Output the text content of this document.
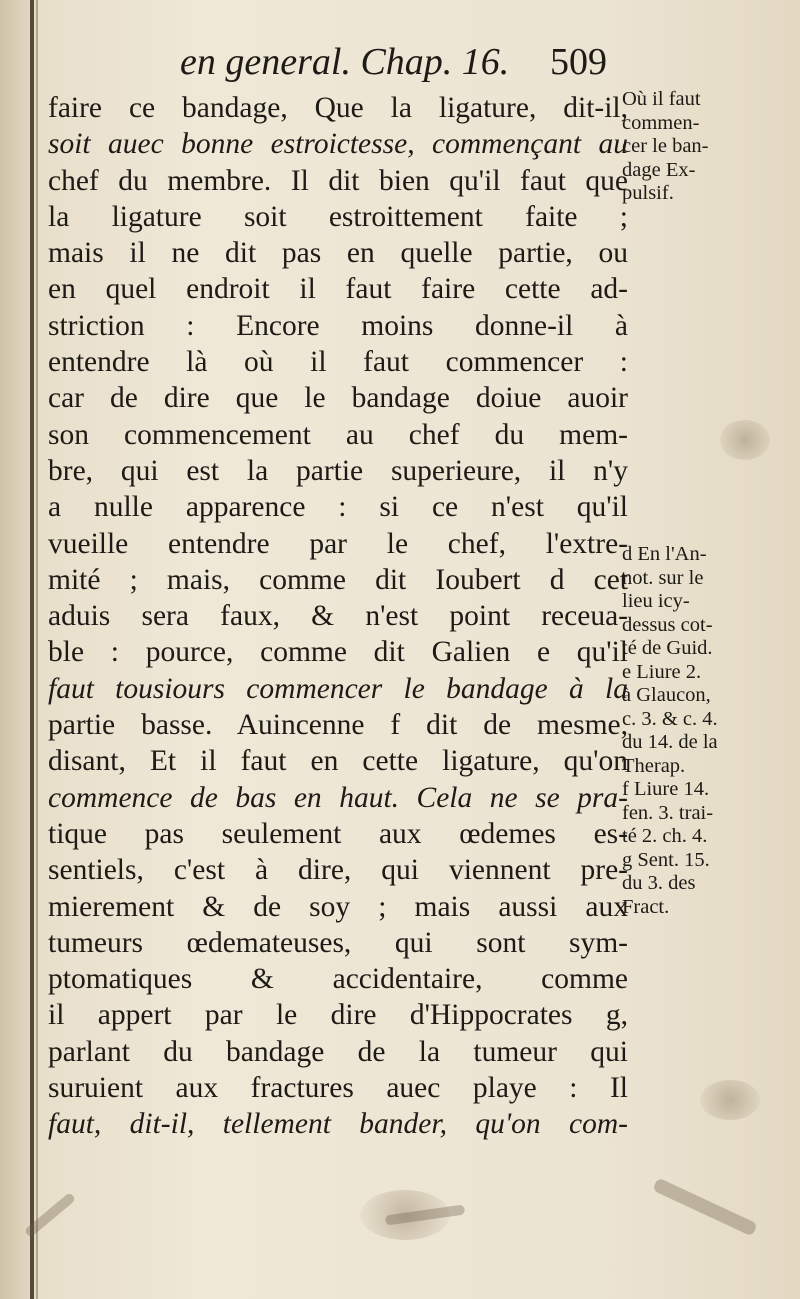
en general. Chap. 16. 509
faire ce bandage, Que la ligature, dit-il,
soit auec bonne estroictesse, commençant au
chef du membre. Il dit bien qu'il faut que
la ligature soit estroittement faite ;
mais il ne dit pas en quelle partie, ou
en quel endroit il faut faire cette ad-
striction : Encore moins donne-il à
entendre là où il faut commencer :
car de dire que le bandage doiue auoir
son commencement au chef du mem-
bre, qui est la partie superieure, il n'y
a nulle apparence : si ce n'est qu'il
vueille entendre par le chef, l'extre-
mité ; mais, comme dit Ioubert d cet
aduis sera faux, & n'est point receua-
ble : pource, comme dit Galien e qu'il
faut tousiours commencer le bandage à la
partie basse. Auincenne f dit de mesme,
disant, Et il faut en cette ligature, qu'on
commence de bas en haut. Cela ne se pra-
tique pas seulement aux œdemes es-
sentiels, c'est à dire, qui viennent pre-
mierement & de soy ; mais aussi aux
tumeurs œdemateuses, qui sont sym-
ptomatiques & accidentaire, comme
il appert par le dire d'Hippocrates g,
parlant du bandage de la tumeur qui
suruient aux fractures auec playe : Il
faut, dit-il, tellement bander, qu'on com-
Où il faut
commen-
cer le ban-
dage Ex-
pulsif.
d En l'An-
not. sur le
lieu icy-
dessus cot-
té de Guid.
e Liure 2.
à Glaucon,
c. 3. & c. 4.
du 14. de la
Therap.
f Liure 14.
fen. 3. trai-
té 2. ch. 4.
g Sent. 15.
du 3. des
Fract.
